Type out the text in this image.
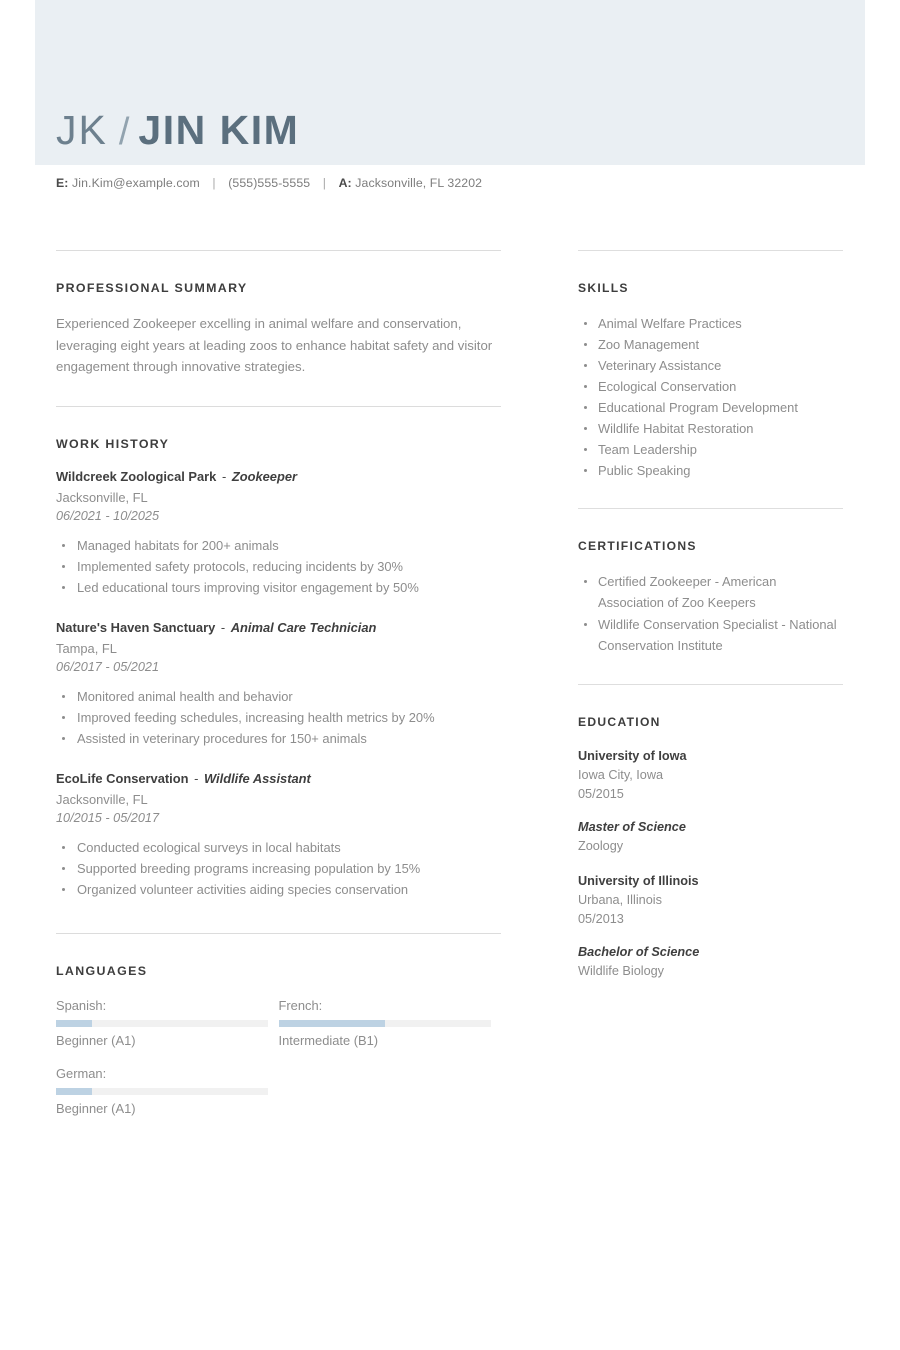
JK / JIN KIM
E: Jin.Kim@example.com | (555)555-5555 | A: Jacksonville, FL 32202
PROFESSIONAL SUMMARY
Experienced Zookeeper excelling in animal welfare and conservation, leveraging eight years at leading zoos to enhance habitat safety and visitor engagement through innovative strategies.
WORK HISTORY
Wildcreek Zoological Park - Zookeeper
Jacksonville, FL
06/2021 - 10/2025
Managed habitats for 200+ animals
Implemented safety protocols, reducing incidents by 30%
Led educational tours improving visitor engagement by 50%
Nature's Haven Sanctuary - Animal Care Technician
Tampa, FL
06/2017 - 05/2021
Monitored animal health and behavior
Improved feeding schedules, increasing health metrics by 20%
Assisted in veterinary procedures for 150+ animals
EcoLife Conservation - Wildlife Assistant
Jacksonville, FL
10/2015 - 05/2017
Conducted ecological surveys in local habitats
Supported breeding programs increasing population by 15%
Organized volunteer activities aiding species conservation
LANGUAGES
Spanish:
Beginner (A1)
French:
Intermediate (B1)
German:
Beginner (A1)
SKILLS
Animal Welfare Practices
Zoo Management
Veterinary Assistance
Ecological Conservation
Educational Program Development
Wildlife Habitat Restoration
Team Leadership
Public Speaking
CERTIFICATIONS
Certified Zookeeper - American Association of Zoo Keepers
Wildlife Conservation Specialist - National Conservation Institute
EDUCATION
University of Iowa
Iowa City, Iowa
05/2015
Master of Science
Zoology
University of Illinois
Urbana, Illinois
05/2013
Bachelor of Science
Wildlife Biology
